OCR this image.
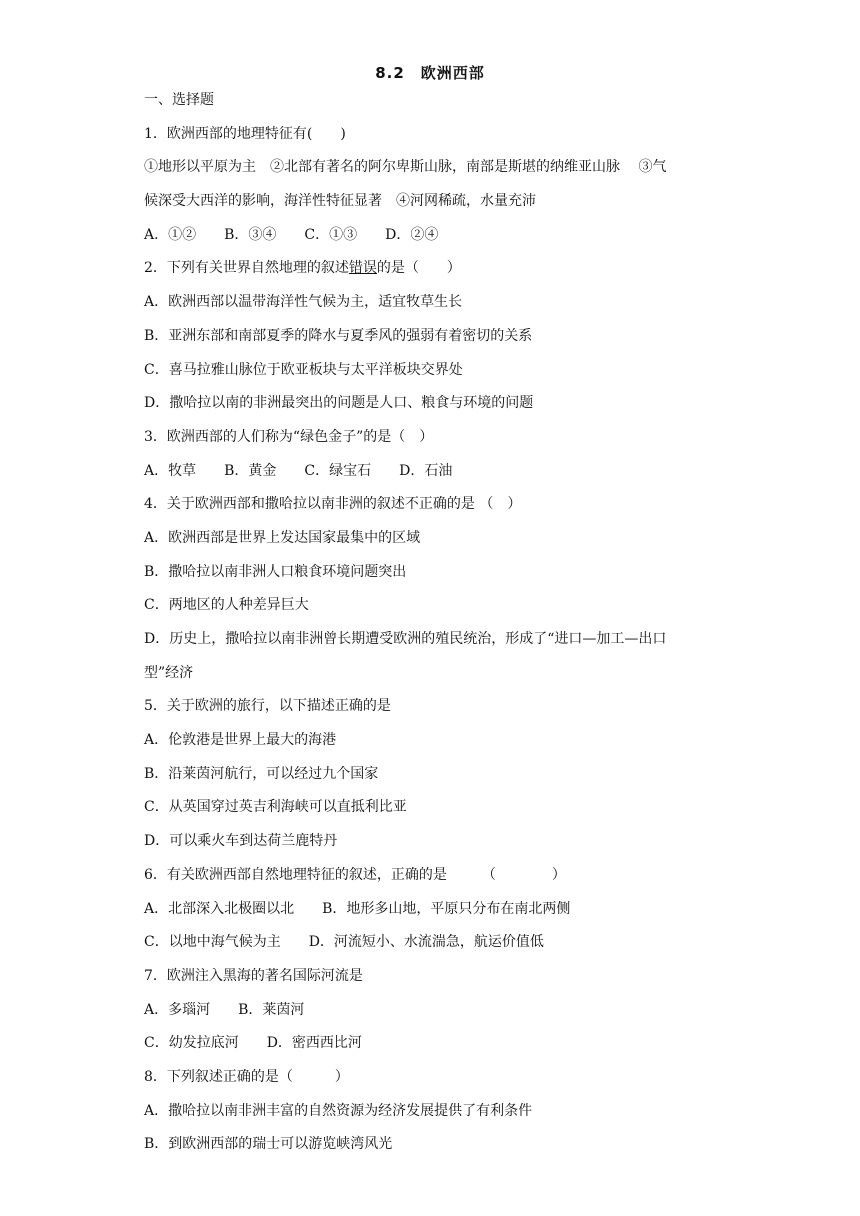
8.2　欧洲西部
一、选择题
1．欧洲西部的地理特征有(　　)
①地形以平原为主　②北部有著名的阿尔卑斯山脉，南部是斯堪的纳维亚山脉　 ③气
候深受大西洋的影响，海洋性特征显著　④河网稀疏，水量充沛
A．①②　　B．③④　　C．①③　　D．②④
2．下列有关世界自然地理的叙述错误的是（　　）
A．欧洲西部以温带海洋性气候为主，适宜牧草生长
B．亚洲东部和南部夏季的降水与夏季风的强弱有着密切的关系
C．喜马拉雅山脉位于欧亚板块与太平洋板块交界处
D．撒哈拉以南的非洲最突出的问题是人口、粮食与环境的问题
3．欧洲西部的人们称为“绿色金子”的是（　）
A．牧草　　B．黄金　　C．绿宝石　　D．石油
4．关于欧洲西部和撒哈拉以南非洲的叙述不正确的是 （　）
A．欧洲西部是世界上发达国家最集中的区域
B．撒哈拉以南非洲人口粮食环境问题突出
C．两地区的人种差异巨大
D．历史上，撒哈拉以南非洲曾长期遭受欧洲的殖民统治，形成了“进口—加工—出口
型”经济
5．关于欧洲的旅行，以下描述正确的是
A．伦敦港是世界上最大的海港
B．沿莱茵河航行，可以经过九个国家
C．从英国穿过英吉利海峡可以直抵利比亚
D．可以乘火车到达荷兰鹿特丹
6．有关欧洲西部自然地理特征的叙述，正确的是　　　（　　　　）
A．北部深入北极圈以北　　B．地形多山地，平原只分布在南北两侧
C．以地中海气候为主　　D．河流短小、水流湍急，航运价值低
7．欧洲注入黑海的著名国际河流是
A．多瑙河　　B．莱茵河
C．幼发拉底河　　D．密西西比河
8．下列叙述正确的是（　　　）
A．撒哈拉以南非洲丰富的自然资源为经济发展提供了有利条件
B．到欧洲西部的瑞士可以游览峡湾风光
